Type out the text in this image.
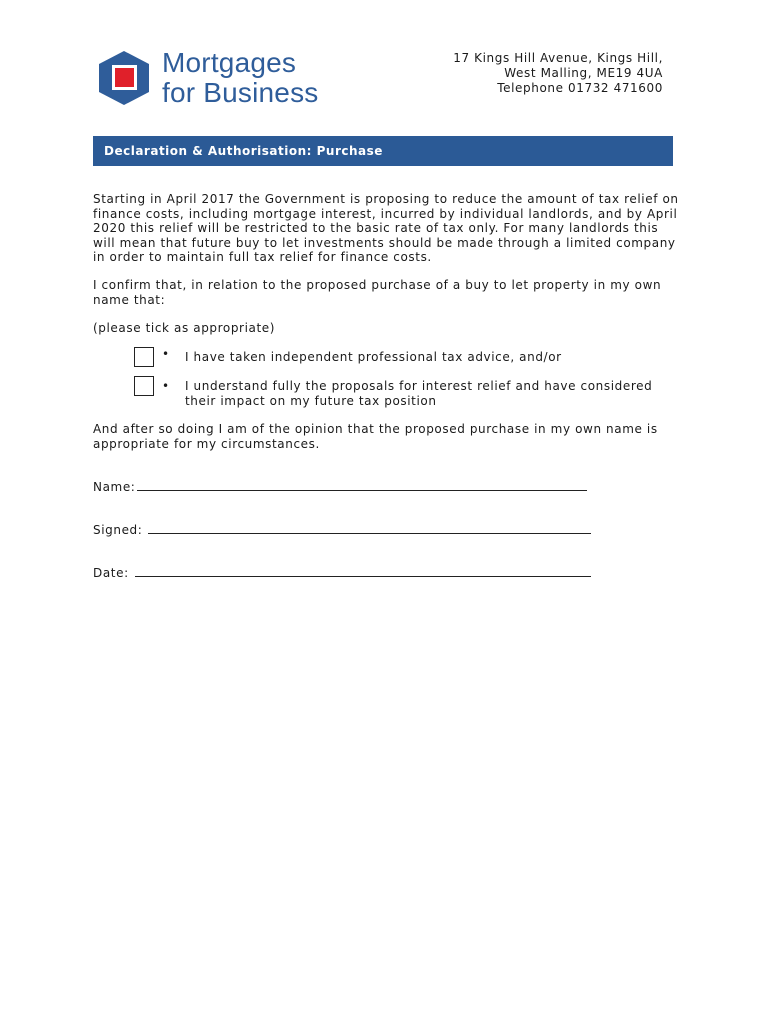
Mortgages
for Business
17 Kings Hill Avenue, Kings Hill,
West Malling, ME19 4UA
Telephone 01732 471600
Declaration & Authorisation: Purchase
Starting in April 2017 the Government is proposing to reduce the amount of tax relief on finance costs, including mortgage interest, incurred by individual landlords, and by April 2020 this relief will be restricted to the basic rate of tax only. For many landlords this will mean that future buy to let investments should be made through a limited company in order to maintain full tax relief for finance costs.
I confirm that, in relation to the proposed purchase of a buy to let property in my own name that:
(please tick as appropriate)
• I have taken independent professional tax advice, and/or
• I understand fully the proposals for interest relief and have considered their impact on my future tax position
And after so doing I am of the opinion that the proposed purchase in my own name is appropriate for my circumstances.
Name:
Signed:
Date:
